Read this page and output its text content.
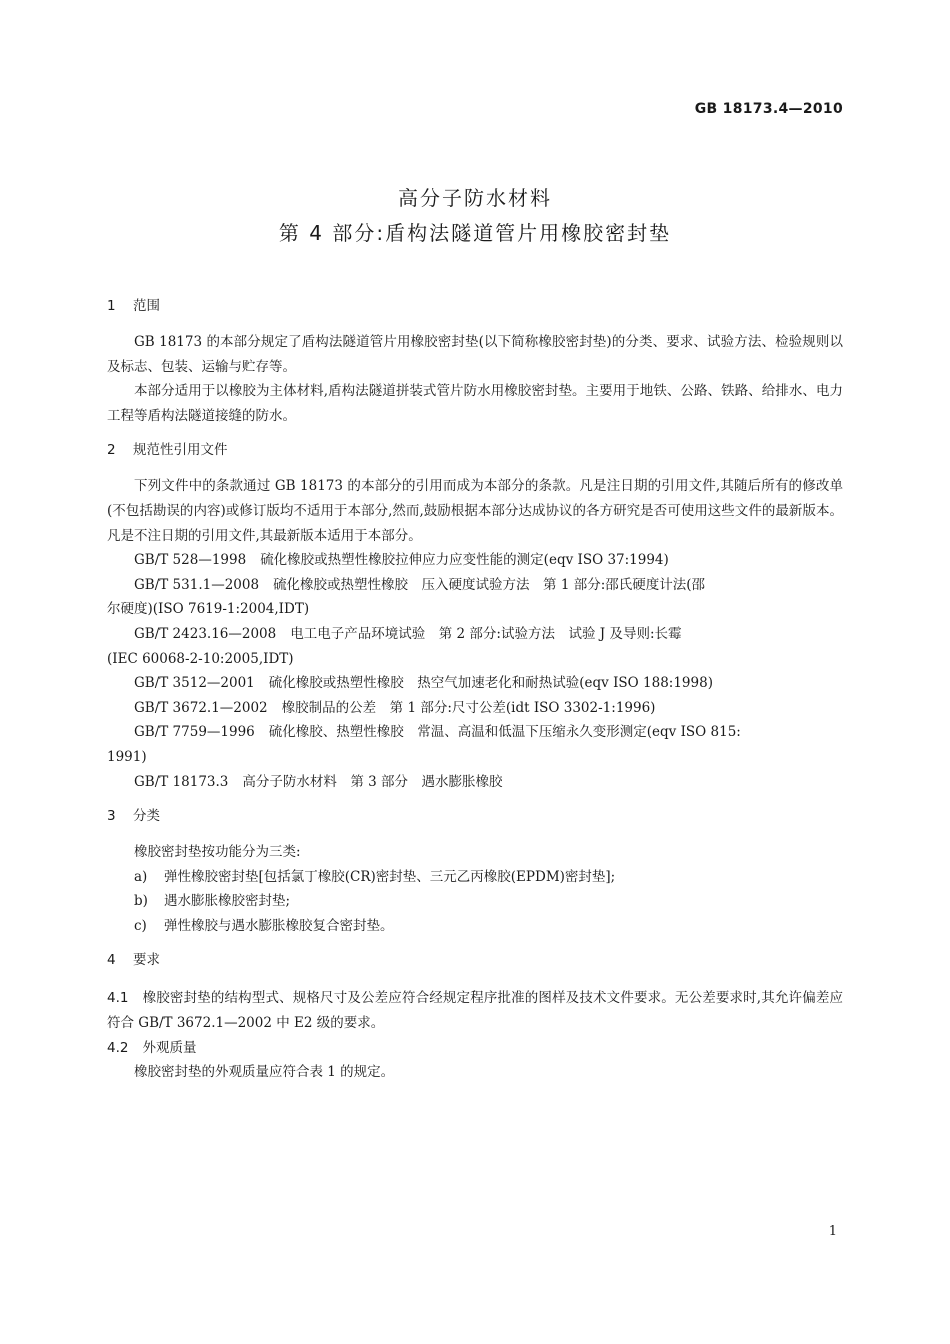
GB 18173.4—2010
高分子防水材料
第 4 部分:盾构法隧道管片用橡胶密封垫
1 范围

GB 18173 的本部分规定了盾构法隧道管片用橡胶密封垫(以下简称橡胶密封垫)的分类、要求、试验方法、检验规则以及标志、包装、运输与贮存等。

本部分适用于以橡胶为主体材料,盾构法隧道拼装式管片防水用橡胶密封垫。主要用于地铁、公路、铁路、给排水、电力工程等盾构法隧道接缝的防水。

2 规范性引用文件

下列文件中的条款通过 GB 18173 的本部分的引用而成为本部分的条款。凡是注日期的引用文件,其随后所有的修改单(不包括勘误的内容)或修订版均不适用于本部分,然而,鼓励根据本部分达成协议的各方研究是否可使用这些文件的最新版本。凡是不注日期的引用文件,其最新版本适用于本部分。

GB/T 528—1998 硫化橡胶或热塑性橡胶拉伸应力应变性能的测定(eqv ISO 37:1994)

GB/T 531.1—2008 硫化橡胶或热塑性橡胶　压入硬度试验方法　第 1 部分:邵氏硬度计法(邵

尔硬度)(ISO 7619-1:2004,IDT)

GB/T 2423.16—2008 电工电子产品环境试验　第 2 部分:试验方法　试验 J 及导则:长霉

(IEC 60068-2-10:2005,IDT)

GB/T 3512—2001 硫化橡胶或热塑性橡胶　热空气加速老化和耐热试验(eqv ISO 188:1998)

GB/T 3672.1—2002 橡胶制品的公差　第 1 部分:尺寸公差(idt ISO 3302-1:1996)

GB/T 7759—1996 硫化橡胶、热塑性橡胶　常温、高温和低温下压缩永久变形测定(eqv ISO 815:

1991)

GB/T 18173.3 高分子防水材料　第 3 部分　遇水膨胀橡胶

3 分类

橡胶密封垫按功能分为三类:

a) 弹性橡胶密封垫[包括氯丁橡胶(CR)密封垫、三元乙丙橡胶(EPDM)密封垫];

b) 遇水膨胀橡胶密封垫;

c) 弹性橡胶与遇水膨胀橡胶复合密封垫。

4 要求

4.1 橡胶密封垫的结构型式、规格尺寸及公差应符合经规定程序批准的图样及技术文件要求。无公差要求时,其允许偏差应符合 GB/T 3672.1—2002 中 E2 级的要求。

4.2 外观质量

橡胶密封垫的外观质量应符合表 1 的规定。

1
